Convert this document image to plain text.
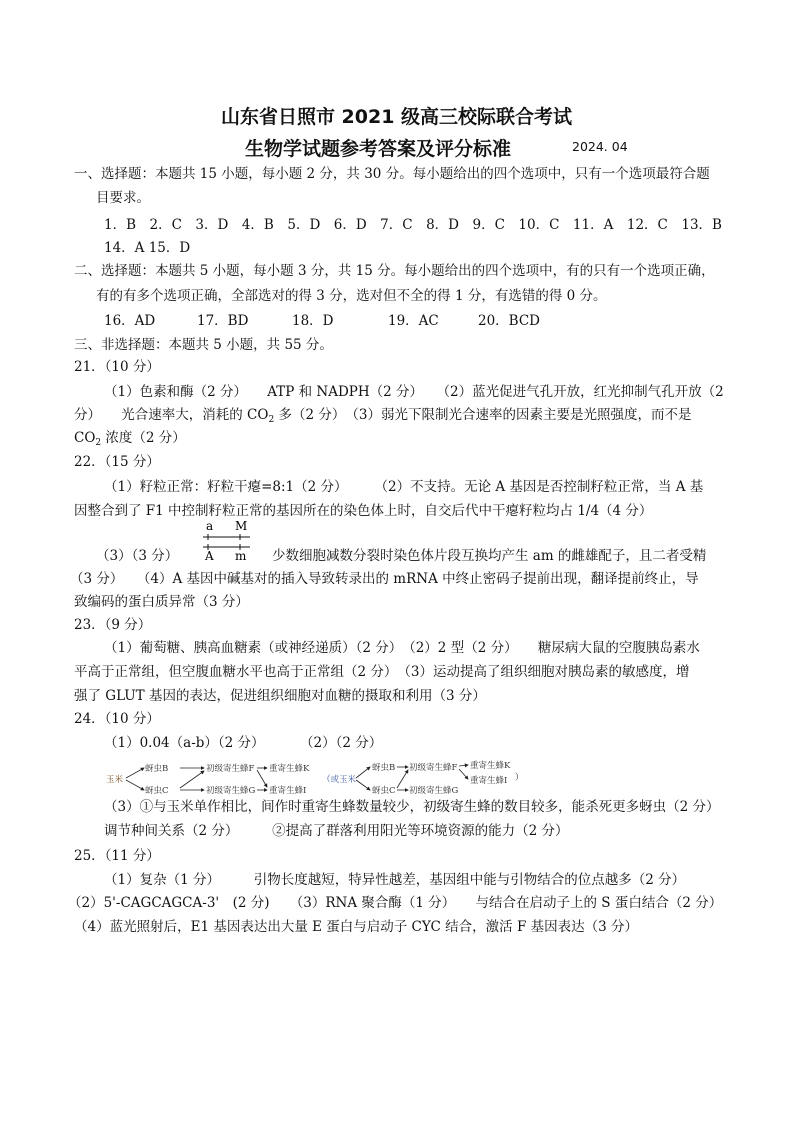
山东省日照市 2021 级高三校际联合考试
生物学试题参考答案及评分标准	2024. 04
一、选择题：本题共 15 小题，每小题 2 分，共 30 分。每小题给出的四个选项中，只有一个选项最符合题
目要求。
1．B　2．C　3．D　4．B　5．D　6．D　7．C　8．D　9．C　10．C　11．A　12．C　13．B
14．A 15．D
二、选择题：本题共 5 小题，每小题 3 分，共 15 分。每小题给出的四个选项中，有的只有一个选项正确，
有的有多个选项正确，全部选对的得 3 分，选对但不全的得 1 分，有选错的得 0 分。
16．AD	17．BD	18．D	19．AC	20．BCD
三、非选择题：本题共 5 小题，共 55 分。
21．（10 分）
（1）色素和酶（2 分）　　ATP 和 NADPH（2 分）　　（2）蓝光促进气孔开放，红光抑制气孔开放（2
分）　　光合速率大，消耗的 $CO_2$ 多（2 分）　（3）弱光下限制光合速率的因素主要是光照强度，而不是
$CO_2$ 浓度（2 分）
22．（15 分）
（1）籽粒正常：籽粒干瘪=8:1（2 分）　　　（2）不支持。无论 A 基因是否控制籽粒正常，当 A 基
因整合到了 F1 中控制籽粒正常的基因所在的染色体上时，自交后代中干瘪籽粒均占 1/4（4 分）
（3）（3 分）
a M
A m 少数细胞减数分裂时染色体片段互换均产生 am 的雌雄配子，且二者受精
（3 分）　　（4）A 基因中碱基对的插入导致转录出的 mRNA 中终止密码子提前出现，翻译提前终止，导
致编码的蛋白质异常（3 分）
23．（9 分）
（1）葡萄糖、胰高血糖素（或神经递质）（2 分）　（2）2 型（2 分）　　糖尿病大鼠的空腹胰岛素水
平高于正常组，但空腹血糖水平也高于正常组（2 分）　（3）运动提高了组织细胞对胰岛素的敏感度，增
强了 GLUT 基因的表达，促进组织细胞对血糖的摄取和利用（3 分）
24．（10 分）
（1）0.04（a-b）（2 分）	（2）（2 分）
玉米
蚜虫B
蚜虫C
初级寄生蜂F
初级寄生蜂G
重寄生蜂K
重寄生蜂I
（或玉米
蚜虫B
蚜虫C
初级寄生蜂F
初级寄生蜂G
重寄生蜂K
重寄生蜂I ）
（3）①与玉米单作相比，间作时重寄生蜂数量较少，初级寄生蜂的数目较多，能杀死更多蚜虫（2 分）
调节种间关系（2 分）　　　②提高了群落利用阳光等环境资源的能力（2 分）
25．（11 分）
（1）复杂（1 分）　　　引物长度越短，特异性越差，基因组中能与引物结合的位点越多（2 分）
（2）5'-CAGCAGCA-3'　(2 分)　　（3）RNA 聚合酶（1 分）　　与结合在启动子上的 S 蛋白结合（2 分）
（4）蓝光照射后，E1 基因表达出大量 E 蛋白与启动子 CYC 结合，激活 F 基因表达（3 分）
